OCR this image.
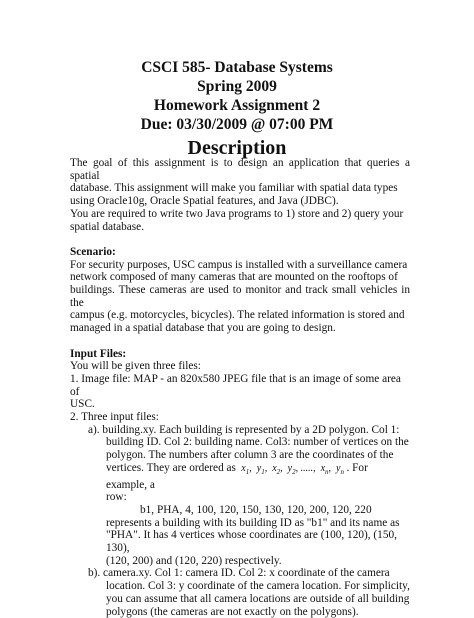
CSCI 585- Database Systems
Spring 2009
Homework Assignment 2
Due: 03/30/2009 @ 07:00 PM
Description
The goal of this assignment is to design an application that queries a spatial
database. This assignment will make you familiar with spatial data types
using Oracle10g, Oracle Spatial features, and Java (JDBC).
You are required to write two Java programs to 1) store and 2) query your
spatial database.
Scenario:
For security purposes, USC campus is installed with a surveillance camera
network composed of many cameras that are mounted on the rooftops of
buildings. These cameras are used to monitor and track small vehicles in the
campus (e.g. motorcycles, bicycles). The related information is stored and
managed in a spatial database that you are going to design.
Input Files:
You will be given three files:
1. Image file: MAP - an 820x580 JPEG file that is an image of some area of
USC.
2. Three input files:
a). building.xy. Each building is represented by a 2D polygon. Col 1:
building ID. Col 2: building name. Col3: number of vertices on the
polygon. The numbers after column 3 are the coordinates of the
vertices. They are ordered as  $x_1$,  $y_1$,  $x_2$,  $y_2$, .....,  $x_n$,  $y_n$ . For example, a
row:
b1, PHA, 4, 100, 120, 150, 130, 120, 200, 120, 220
represents a building with its building ID as "b1" and its name as
"PHA". It has 4 vertices whose coordinates are (100, 120), (150, 130),
(120, 200) and (120, 220) respectively.
b). camera.xy. Col 1: camera ID. Col 2: x coordinate of the camera
location. Col 3: y coordinate of the camera location. For simplicity,
you can assume that all camera locations are outside of all building
polygons (the cameras are not exactly on the polygons).
